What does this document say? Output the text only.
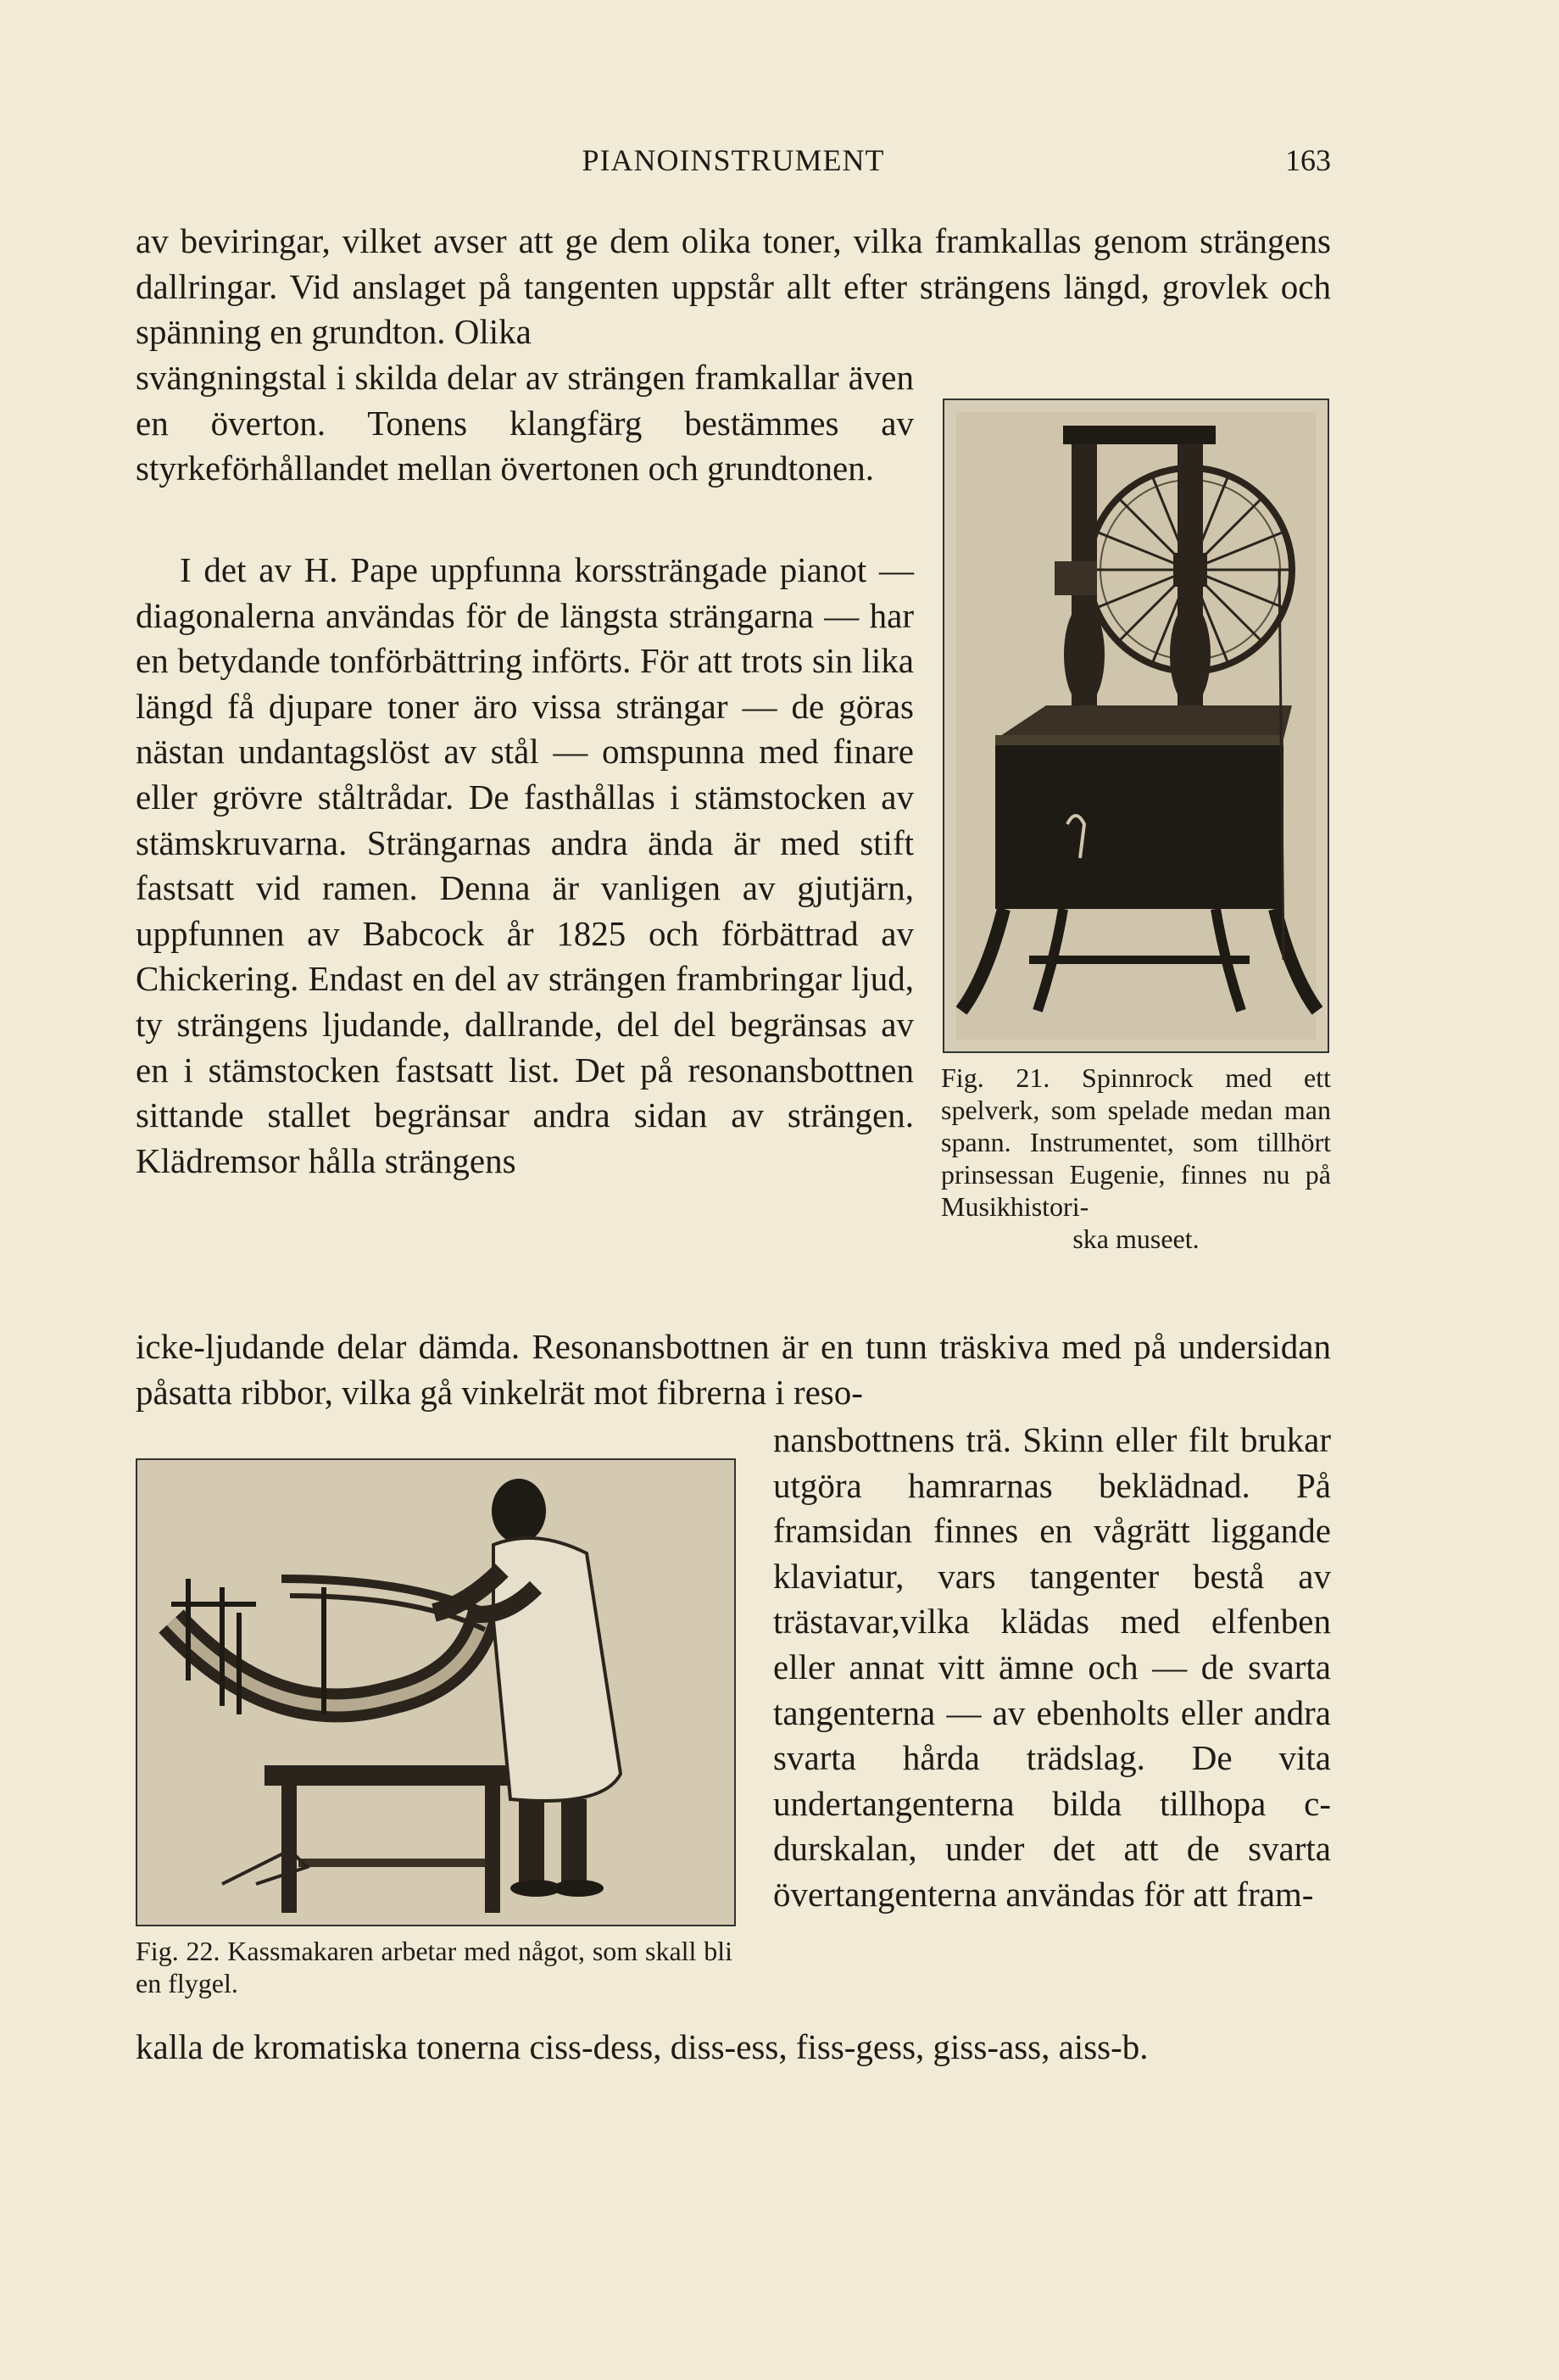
PIANOINSTRUMENT	163

av beviringar, vilket avser att ge dem olika toner, vilka framkallas genom strängens dallringar. Vid anslaget på tangenten uppstår allt efter strängens längd, grovlek och spänning en grundton. Olika

svängningstal i skilda delar av strängen framkallar även en överton. Tonens klangfärg bestämmes av styrkeförhållandet mellan övertonen och grundtonen.

I det av H. Pape uppfunna korssträngade pianot — diagonalerna användas för de längsta strängarna — har en betydande tonförbättring införts. För att trots sin lika längd få djupare toner äro vissa strängar — de göras nästan undantagslöst av stål — omspunna med finare eller grövre ståltrådar. De fasthållas i stämstocken av stämskruvarna. Strängarnas andra ända är med stift fastsatt vid ramen. Denna är vanligen av gjutjärn, uppfunnen av Babcock år 1825 och förbättrad av Chickering. Endast en del av strängen frambringar ljud, ty strängens ljudande, dallrande, del del begränsas av en i stämstocken fastsatt list. Det på resonansbottnen sittande stallet begränsar andra sidan av strängen. Klädremsor hålla strängens

icke-ljudande delar dämda. Resonansbottnen är en tunn träskiva med på undersidan påsatta ribbor, vilka gå vinkelrät mot fibrerna i reso-

nansbottnens trä. Skinn eller filt brukar utgöra hamrarnas beklädnad. På framsidan finnes en vågrätt liggande klaviatur, vars tangenter bestå av trästavar,vilka klädas med elfenben eller annat vitt ämne och — de svarta tangenterna — av ebenholts eller andra svarta hårda trädslag. De vita undertangenterna bilda tillhopa c-durskalan, under det att de svarta övertangenterna användas för att fram-

kalla de kromatiska tonerna ciss-dess, diss-ess, fiss-gess, giss-ass, aiss-b.

Fig. 21. Spinnrock med ett spelverk, som spelade medan man spann. Instrumentet, som tillhört prinsessan Eugenie, finnes nu på Musikhistori-
ska museet.

Fig. 22. Kassmakaren arbetar med något, som skall bli en flygel.
